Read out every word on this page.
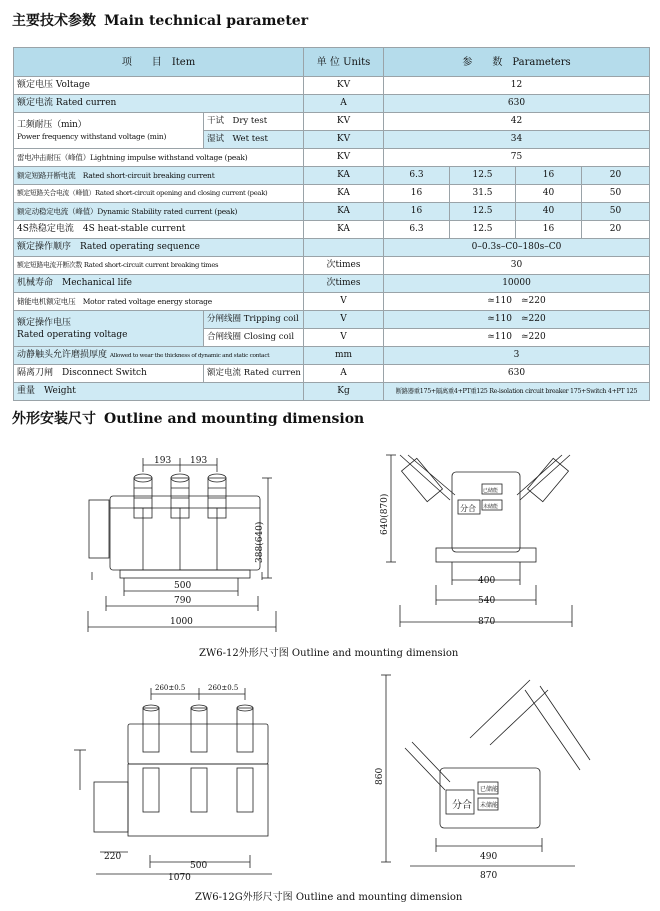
主要技术参数 Main technical parameter
项　　目　 Item		单 位 Units	参　　数　 Parameters			
额定电压 Voltage		KV	12			
额定电流 Rated curren		A	630			
工频耐压（min）
Power frequency withstand voltage (min)	干试　Dry test	KV	42			
	湿试　Wet test	KV	34			
雷电冲击耐压（峰值）Lightning impulse withstand voltage (peak)		KV	75			
额定短路开断电流　Rated short-circuit breaking current		KA	6.3	12.5	16	20
额定短路关合电流（峰值）Rated short-circuit opening and closing current (peak)		KA	16	31.5	40	50
额定动稳定电流（峰值）Dynamic Stability rated current (peak)		KA	16	12.5	40	50
4S热稳定电流　4S heat-stable current		KA	6.3	12.5	16	20
额定操作顺序　Rated operating sequence			0–0.3s–C0–180s–C0			
额定短路电流开断次数 Rated short-circuit current breaking times		次times	30			
机械寿命　Mechanical life		次times	10000			
储能电机额定电压　Motor rated voltage energy storage		V	≃110　≃220			
额定操作电压
Rated operating voltage	分闸线圈 Tripping coil	V	≃110　≃220			
	合闸线圈 Closing coil	V	≃110　≃220			
动静触头允许磨损厚度 Allowed to wear the thickness of dynamic and static contact		mm	3			
隔离刀闸　Disconnect Switch	额定电流 Rated curren	A	630			
重量　Weight		Kg	断路器重175+隔离重4+PT重125 Re-isolation circuit breaker 175+Switch 4+PT 125			
外形安装尺寸 Outline and mounting dimension
193 193
388(640)
500
790
1000
640(870)	分合
已储能
未储能
400
540
870
260±0.5	260±0.5
220
500
1070
860
分合
已储能
未储能
490
870
ZW6-12外形尺寸图 Outline and mounting dimension
ZW6-12G外形尺寸图 Outline and mounting dimension
